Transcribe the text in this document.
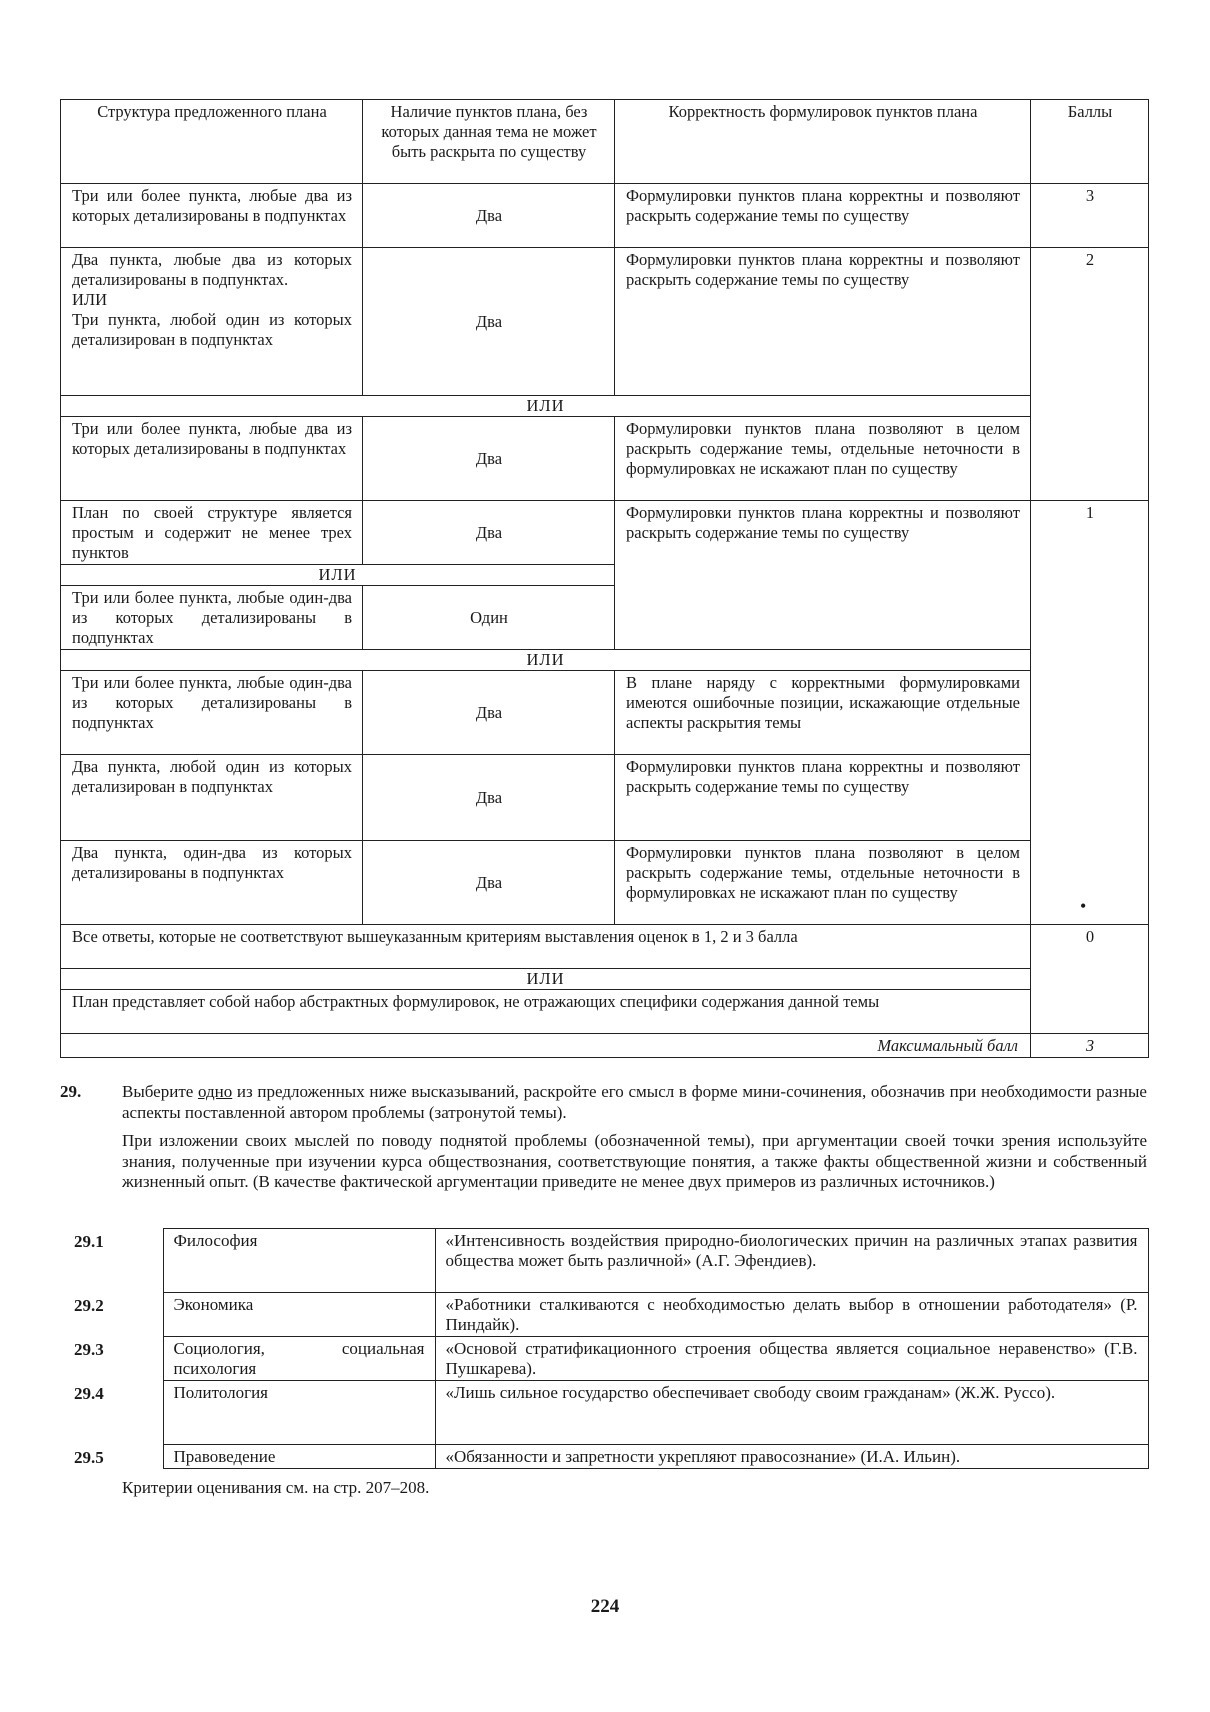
Структура предложенного плана	Наличие пунктов плана, без которых данная тема не может быть раскрыта по существу	Корректность формулировок пунктов плана	Баллы
Три или более пункта, любые два из которых детализированы в подпунктах	Два	Формулировки пунктов плана корректны и позволяют раскрыть содержание темы по существу	3

Два пункта, любые два из которых детализированы в подпунктах.
ИЛИ
Три пункта, любой один из которых детализирован в подпунктах	Два	Формулировки пунктов плана корректны и позволяют раскрыть содержание темы по существу	2
ИЛИ			
Три или более пункта, любые два из которых детализированы в подпунктах	Два	Формулировки пунктов плана позволяют в целом раскрыть содержание темы, отдельные неточности в формулировках не искажают план по существу	
План по своей структуре является простым и содержит не менее трех пунктов	Два	Формулировки пунктов плана корректны и позволяют раскрыть содержание темы по существу	1
ИЛИ			
Три или более пункта, любые один-два из которых детализированы в подпунктах	Один		
ИЛИ			
Три или более пункта, любые один-два из которых детализированы в подпунктах	Два	В плане наряду с корректными формулировками имеются ошибочные позиции, искажающие отдельные аспекты раскрытия темы	
Два пункта, любой один из которых детализирован в подпунктах	Два	Формулировки пунктов плана корректны и позволяют раскрыть содержание темы по существу	
Два пункта, один-два из которых детализированы в подпунктах	Два	Формулировки пунктов плана позволяют в целом раскрыть содержание темы, отдельные неточности в формулировках не искажают план по существу	
Все ответы, которые не соответствуют вышеуказанным критериям выставления оценок в 1, 2 и 3 балла			0
ИЛИ			
План представляет собой набор абстрактных формулировок, не отражающих специфики содержания данной темы			
Максимальный балл			3
29. Выберите одно из предложенных ниже высказываний, раскройте его смысл в форме мини-сочинения, обозначив при необходимости разные аспекты поставленной автором проблемы (затронутой темы).
При изложении своих мыслей по поводу поднятой проблемы (обозначенной темы), при аргументации своей точки зрения используйте знания, полученные при изучении курса обществознания, соответствующие понятия, а также факты общественной жизни и собственный жизненный опыт. (В качестве фактической аргументации приведите не менее двух примеров из различных источников.)
29.1	Философия	«Интенсивность воздействия природно-биологических причин на различных этапах развития общества может быть различной» (А.Г. Эфендиев).
29.2	Экономика	«Работники сталкиваются с необходимостью делать выбор в отношении работодателя» (Р. Пиндайк).
29.3	Социология, социальная психология	«Основой стратификационного строения общества является социальное неравенство» (Г.В. Пушкарева).
29.4	Политология	«Лишь сильное государство обеспечивает свободу своим гражданам» (Ж.Ж. Руссо).
29.5	Правоведение	«Обязанности и запретности укрепляют правосознание» (И.А. Ильин).
Критерии оценивания см. на стр. 207–208.
224
•
